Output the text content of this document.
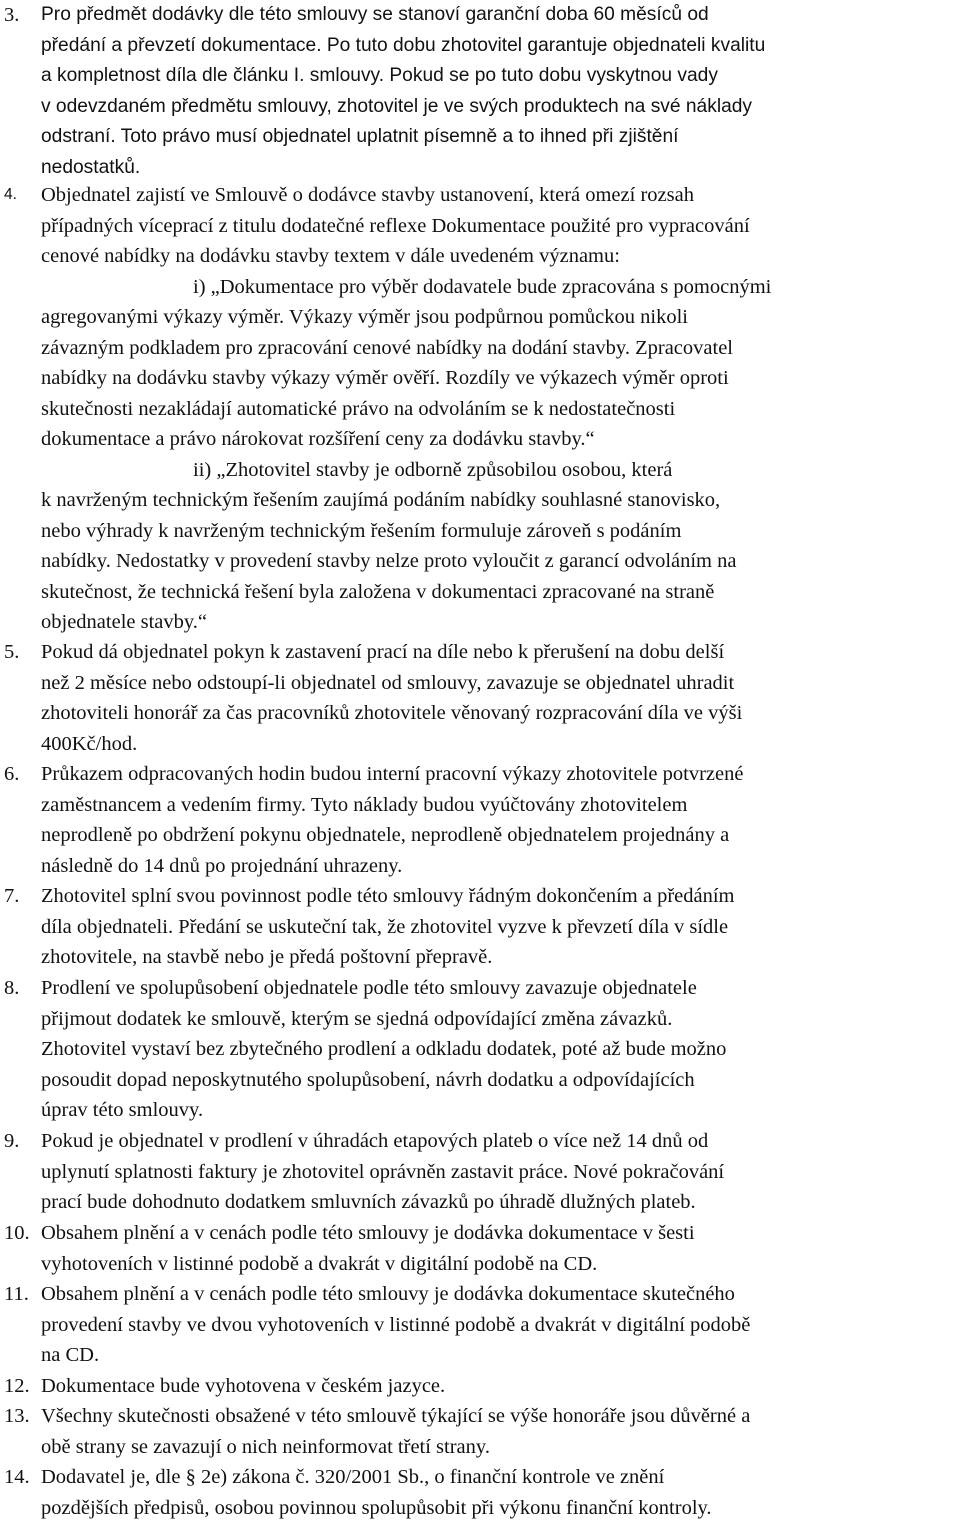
3. Pro předmět dodávky dle této smlouvy se stanoví garanční doba 60 měsíců od
předání a převzetí dokumentace. Po tuto dobu zhotovitel garantuje objednateli kvalitu
a kompletnost díla dle článku I. smlouvy. Pokud se po tuto dobu vyskytnou vady
v odevzdaném předmětu smlouvy, zhotovitel je ve svých produktech na své náklady
odstraní. Toto právo musí objednatel uplatnit písemně a to ihned při zjištění
nedostatků.

4. Objednatel zajistí ve Smlouvě o dodávce stavby ustanovení, která omezí rozsah
případných víceprací z titulu dodatečné reflexe Dokumentace použité pro vypracování
cenové nabídky na dodávku stavby textem v dále uvedeném významu:
i) „Dokumentace pro výběr dodavatele bude zpracována s pomocnými
agregovanými výkazy výměr. Výkazy výměr jsou podpůrnou pomůckou nikoli
závazným podkladem pro zpracování cenové nabídky na dodání stavby. Zpracovatel
nabídky na dodávku stavby výkazy výměr ověří. Rozdíly ve výkazech výměr oproti
skutečnosti nezakládají automatické právo na odvoláním se k nedostatečnosti
dokumentace a právo nárokovat rozšíření ceny za dodávku stavby.“
ii) „Zhotovitel stavby je odborně způsobilou osobou, která
k navrženým technickým řešením zaujímá podáním nabídky souhlasné stanovisko,
nebo výhrady k navrženým technickým řešením formuluje zároveň s podáním
nabídky. Nedostatky v provedení stavby nelze proto vyloučit z garancí odvoláním na
skutečnost, že technická řešení byla založena v dokumentaci zpracované na straně
objednatele stavby.“

5. Pokud dá objednatel pokyn k zastavení prací na díle nebo k přerušení na dobu delší
než 2 měsíce nebo odstoupí-li objednatel od smlouvy, zavazuje se objednatel uhradit
zhotoviteli honorář za čas pracovníků zhotovitele věnovaný rozpracování díla ve výši
400Kč/hod.

6. Průkazem odpracovaných hodin budou interní pracovní výkazy zhotovitele potvrzené
zaměstnancem a vedením firmy. Tyto náklady budou vyúčtovány zhotovitelem
neprodleně po obdržení pokynu objednatele, neprodleně objednatelem projednány a
následně do 14 dnů po projednání uhrazeny.

7. Zhotovitel splní svou povinnost podle této smlouvy řádným dokončením a předáním
díla objednateli. Předání se uskuteční tak, že zhotovitel vyzve k převzetí díla v sídle
zhotovitele, na stavbě nebo je předá poštovní přepravě.

8. Prodlení ve spolupůsobení objednatele podle této smlouvy zavazuje objednatele
přijmout dodatek ke smlouvě, kterým se sjedná odpovídající změna závazků.
Zhotovitel vystaví bez zbytečného prodlení a odkladu dodatek, poté až bude možno
posoudit dopad neposkytnutého spolupůsobení, návrh dodatku a odpovídajících
úprav této smlouvy.

9. Pokud je objednatel v prodlení v úhradách etapových plateb o více než 14 dnů od
uplynutí splatnosti faktury je zhotovitel oprávněn zastavit práce. Nové pokračování
prací bude dohodnuto dodatkem smluvních závazků po úhradě dlužných plateb.

10. Obsahem plnění a v cenách podle této smlouvy je dodávka dokumentace v šesti
vyhotoveních v listinné podobě a dvakrát v digitální podobě na CD.

11. Obsahem plnění a v cenách podle této smlouvy je dodávka dokumentace skutečného
provedení stavby ve dvou vyhotoveních v listinné podobě a dvakrát v digitální podobě
na CD.

12. Dokumentace bude vyhotovena v českém jazyce.

13. Všechny skutečnosti obsažené v této smlouvě týkající se výše honoráře jsou důvěrné a
obě strany se zavazují o nich neinformovat třetí strany.

14. Dodavatel je, dle § 2e) zákona č. 320/2001 Sb., o finanční kontrole ve znění
pozdějších předpisů, osobou povinnou spolupůsobit při výkonu finanční kontroly.
